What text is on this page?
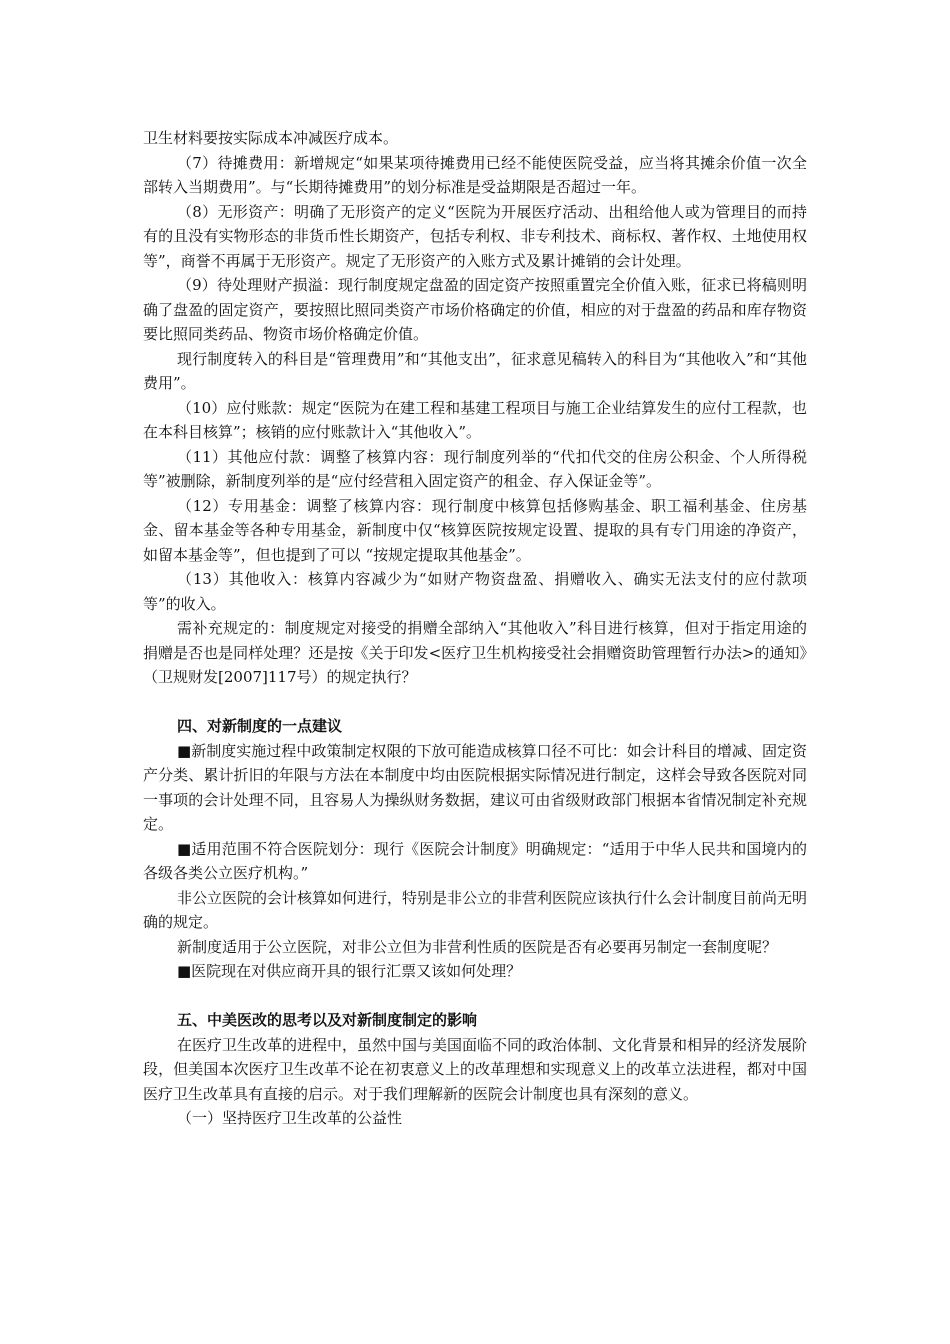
卫生材料要按实际成本冲减医疗成本。

（7）待摊费用：新增规定“如果某项待摊费用已经不能使医院受益，应当将其摊余价值一次全部转入当期费用”。与“长期待摊费用”的划分标准是受益期限是否超过一年。

（8）无形资产：明确了无形资产的定义“医院为开展医疗活动、出租给他人或为管理目的而持有的且没有实物形态的非货币性长期资产，包括专利权、非专利技术、商标权、著作权、土地使用权等”，商誉不再属于无形资产。规定了无形资产的入账方式及累计摊销的会计处理。

（9）待处理财产损溢：现行制度规定盘盈的固定资产按照重置完全价值入账，征求已将稿则明确了盘盈的固定资产，要按照比照同类资产市场价格确定的价值，相应的对于盘盈的药品和库存物资要比照同类药品、物资市场价格确定价值。

现行制度转入的科目是“管理费用”和“其他支出”，征求意见稿转入的科目为“其他收入”和“其他费用”。

（10）应付账款：规定“医院为在建工程和基建工程项目与施工企业结算发生的应付工程款，也在本科目核算”；核销的应付账款计入“其他收入”。

（11）其他应付款：调整了核算内容：现行制度列举的“代扣代交的住房公积金、个人所得税等”被删除，新制度列举的是“应付经营租入固定资产的租金、存入保证金等”。

（12）专用基金：调整了核算内容：现行制度中核算包括修购基金、职工福利基金、住房基金、留本基金等各种专用基金，新制度中仅“核算医院按规定设置、提取的具有专门用途的净资产，如留本基金等”，但也提到了可以 “按规定提取其他基金”。

（13）其他收入：核算内容减少为“如财产物资盘盈、捐赠收入、确实无法支付的应付款项等”的收入。

需补充规定的：制度规定对接受的捐赠全部纳入“其他收入”科目进行核算，但对于指定用途的捐赠是否也是同样处理？还是按《关于印发<医疗卫生机构接受社会捐赠资助管理暂行办法>的通知》（卫规财发[2007]117号）的规定执行？

四、对新制度的一点建议

■新制度实施过程中政策制定权限的下放可能造成核算口径不可比：如会计科目的增减、固定资产分类、累计折旧的年限与方法在本制度中均由医院根据实际情况进行制定，这样会导致各医院对同一事项的会计处理不同，且容易人为操纵财务数据，建议可由省级财政部门根据本省情况制定补充规定。

■适用范围不符合医院划分：现行《医院会计制度》明确规定：“适用于中华人民共和国境内的各级各类公立医疗机构。”

非公立医院的会计核算如何进行，特别是非公立的非营利医院应该执行什么会计制度目前尚无明确的规定。

新制度适用于公立医院，对非公立但为非营利性质的医院是否有必要再另制定一套制度呢？

■医院现在对供应商开具的银行汇票又该如何处理？

五、中美医改的思考以及对新制度制定的影响

在医疗卫生改革的进程中，虽然中国与美国面临不同的政治体制、文化背景和相异的经济发展阶段，但美国本次医疗卫生改革不论在初衷意义上的改革理想和实现意义上的改革立法进程，都对中国医疗卫生改革具有直接的启示。对于我们理解新的医院会计制度也具有深刻的意义。

（一）坚持医疗卫生改革的公益性
